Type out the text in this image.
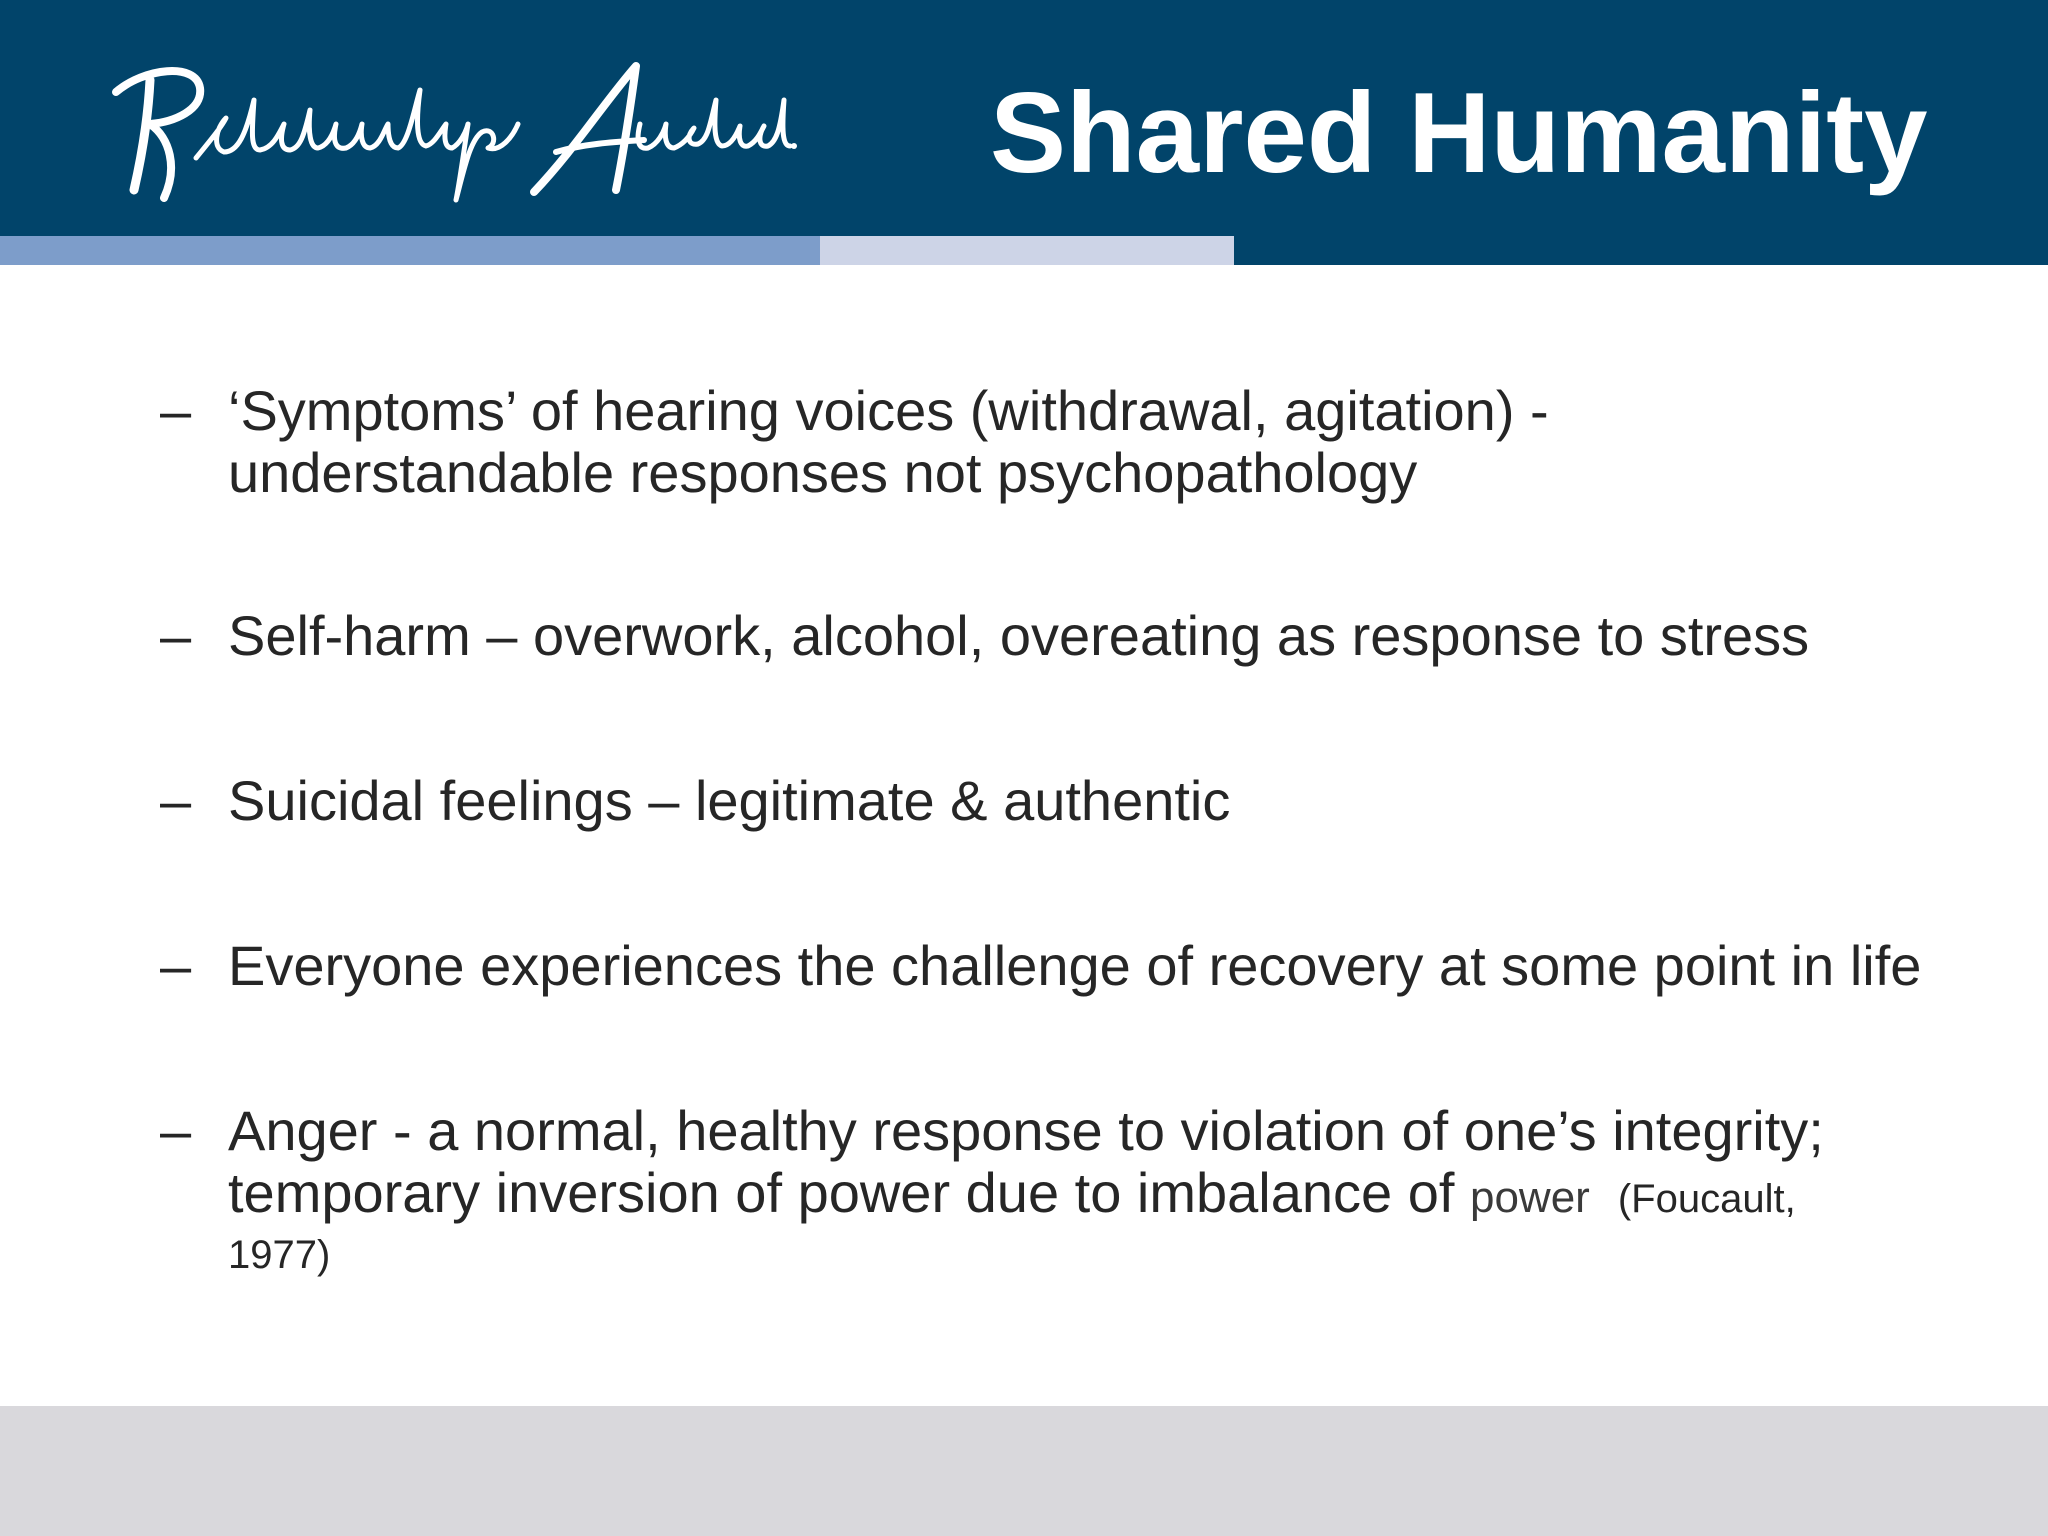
Shared Humanity
– ‘Symptoms’ of hearing voices (withdrawal, agitation) -
understandable responses not psychopathology
– Self-harm – overwork, alcohol, overeating as response to stress
– Suicidal feelings – legitimate & authentic
– Everyone experiences the challenge of recovery at some point in life
– Anger - a normal, healthy response to violation of one’s integrity;
temporary inversion of power due to imbalance of power (Foucault,
1977)
